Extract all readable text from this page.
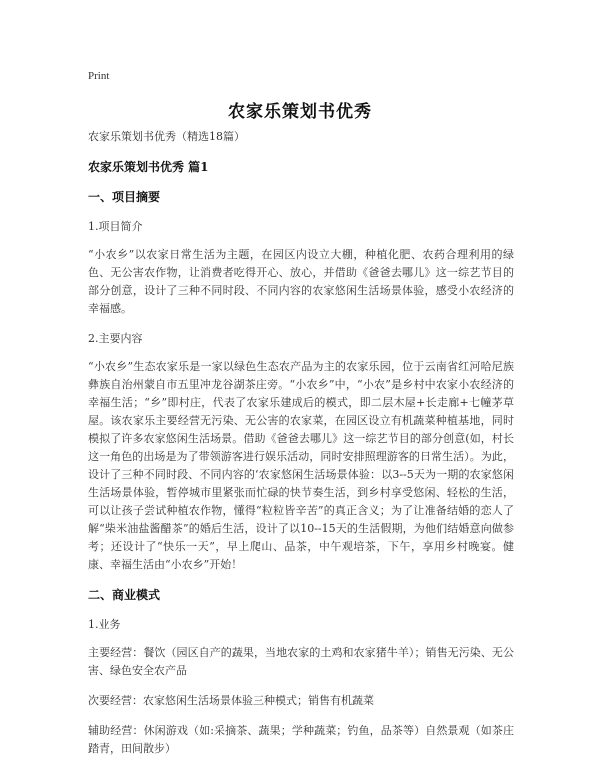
Print
农家乐策划书优秀

农家乐策划书优秀（精选18篇）

农家乐策划书优秀 篇1

一、项目摘要

1.项目简介

“小农乡”以农家日常生活为主题，在园区内设立大棚，种植化肥、农药合理利用的绿色、无公害农作物，让消费者吃得开心、放心，并借助《爸爸去哪儿》这一综艺节目的部分创意，设计了三种不同时段、不同内容的农家悠闲生活场景体验，感受小农经济的幸福感。

2.主要内容

“小农乡”生态农家乐是一家以绿色生态农产品为主的农家乐园，位于云南省红河哈尼族彝族自治州蒙自市五里冲龙谷湖茶庄旁。“小农乡”中，“小农”是乡村中农家小农经济的幸福生活；“乡”即村庄，代表了农家乐建成后的模式，即二层木屋+长走廊+七幢茅草屋。该农家乐主要经营无污染、无公害的农家菜，在园区设立有机蔬菜种植基地，同时模拟了许多农家悠闲生活场景。借助《爸爸去哪儿》这一综艺节目的部分创意(如，村长这一角色的出场是为了带领游客进行娱乐活动，同时安排照理游客的日常生活）。为此，设计了三种不同时段、不同内容的‘农家悠闲生活场景体验：以3--5天为一期的农家悠闲生活场景体验，暂停城市里紧张而忙碌的快节奏生活，到乡村享受悠闲、轻松的生活，可以让孩子尝试种植农作物，懂得“粒粒皆辛苦”的真正含义；为了让准备结婚的恋人了解“柴米油盐酱醋茶”的婚后生活，设计了以10--15天的生活假期，为他们结婚意向做参考；还设计了“快乐一天”，早上爬山、品茶，中午观培茶，下午，享用乡村晚宴。健康、幸福生活由“小农乡”开始！

二、商业模式

1.业务

主要经营：餐饮（园区自产的蔬果，当地农家的土鸡和农家猪牛羊）；销售无污染、无公害、绿色安全农产品

次要经营：农家悠闲生活场景体验三种模式；销售有机蔬菜

辅助经营：休闲游戏（如:采摘茶、蔬果；学种蔬菜；钓鱼，品茶等）自然景观（如茶庄踏青，田间散步）
